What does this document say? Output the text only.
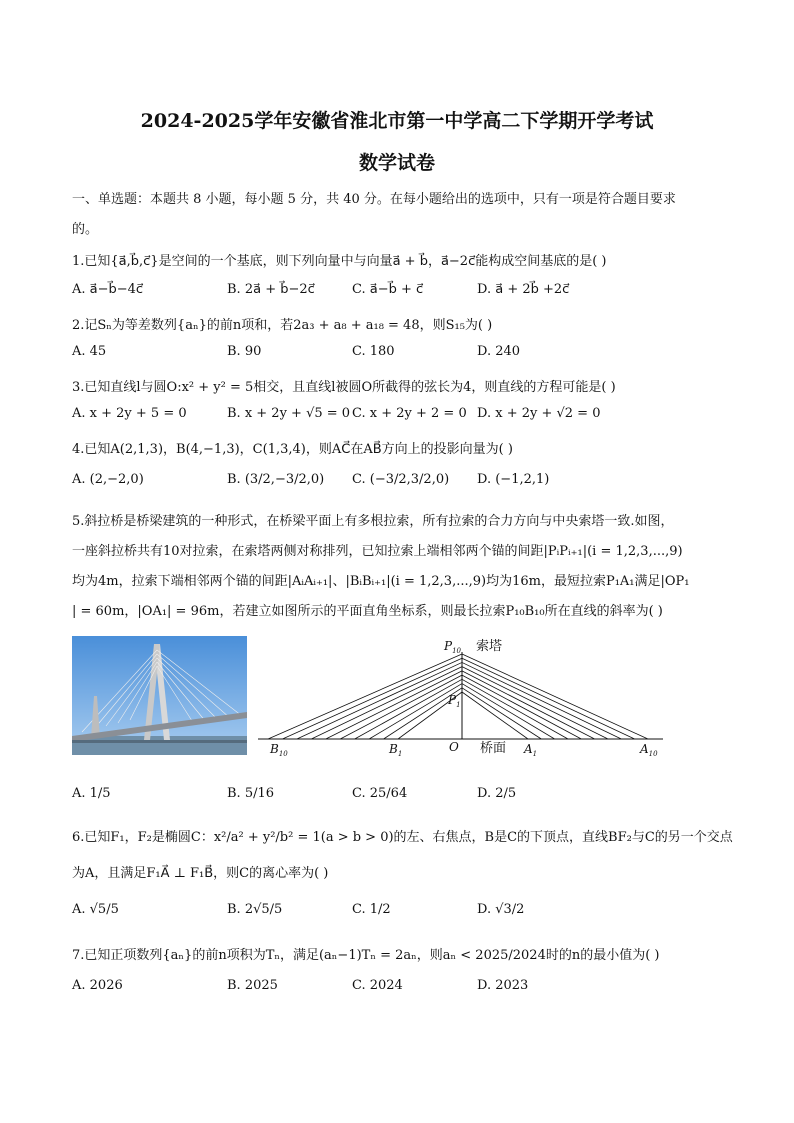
2024-2025学年安徽省淮北市第一中学高二下学期开学考试
数学试卷
一、单选题：本题共 8 小题，每小题 5 分，共 40 分。在每小题给出的选项中，只有一项是符合题目要求
的。
1.已知{a⃗,b⃗,c⃗}是空间的一个基底，则下列向量中与向量a⃗ + b⃗，a⃗−2c⃗能构成空间基底的是( )
A. a⃗−b⃗−4c⃗	B. 2a⃗ + b⃗−2c⃗	C. a⃗−b⃗ + c⃗	D. a⃗ + 2b⃗ +2c⃗
2.记Sₙ为等差数列{aₙ}的前n项和，若2a₃ + a₈ + a₁₈ = 48，则S₁₅为( )
A. 45	B. 90	C. 180	D. 240
3.已知直线l与圆O:x² + y² = 5相交，且直线l被圆O所截得的弦长为4，则直线的方程可能是( )
A. x + 2y + 5 = 0	B. x + 2y + √5 = 0 C. x + 2y + 2 = 0 D. x + 2y + √2 = 0
4.已知A(2,1,3)，B(4,−1,3)，C(1,3,4)，则AC⃗在AB⃗方向上的投影向量为( )
A. (2,−2,0)	B. (3/2,−3/2,0) C. (−3/2,3/2,0) D. (−1,2,1)
5.斜拉桥是桥梁建筑的一种形式，在桥梁平面上有多根拉索，所有拉索的合力方向与中央索塔一致.如图，
一座斜拉桥共有10对拉索，在索塔两侧对称排列，已知拉索上端相邻两个锚的间距|PᵢPᵢ₊₁|(i = 1,2,3,...,9)
均为4m，拉索下端相邻两个锚的间距|AᵢAᵢ₊₁|、|BᵢBᵢ₊₁|(i = 1,2,3,...,9)均为16m，最短拉索P₁A₁满足|OP₁
| = 60m，|OA₁| = 96m，若建立如图所示的平面直角坐标系，则最长拉索P₁₀B₁₀所在直线的斜率为( )
$P_{10}$ 索塔
$P_1$
$B_{10}$	$B_1$	O 桥面 $A_1$	$A_{10}$
A. 1/5	B. 5/16	C. 25/64	D. 2/5
6.已知F₁，F₂是椭圆C：x²/a² + y²/b² = 1(a > b > 0)的左、右焦点，B是C的下顶点，直线BF₂与C的另一个交点
为A，且满足F₁A⃗ ⊥ F₁B⃗，则C的离心率为( )
A. √5/5	B. 2√5/5	C. 1/2	D. √3/2
7.已知正项数列{aₙ}的前n项积为Tₙ，满足(aₙ−1)Tₙ = 2aₙ，则aₙ < 2025/2024时的n的最小值为( )
A. 2026	B. 2025	C. 2024	D. 2023
